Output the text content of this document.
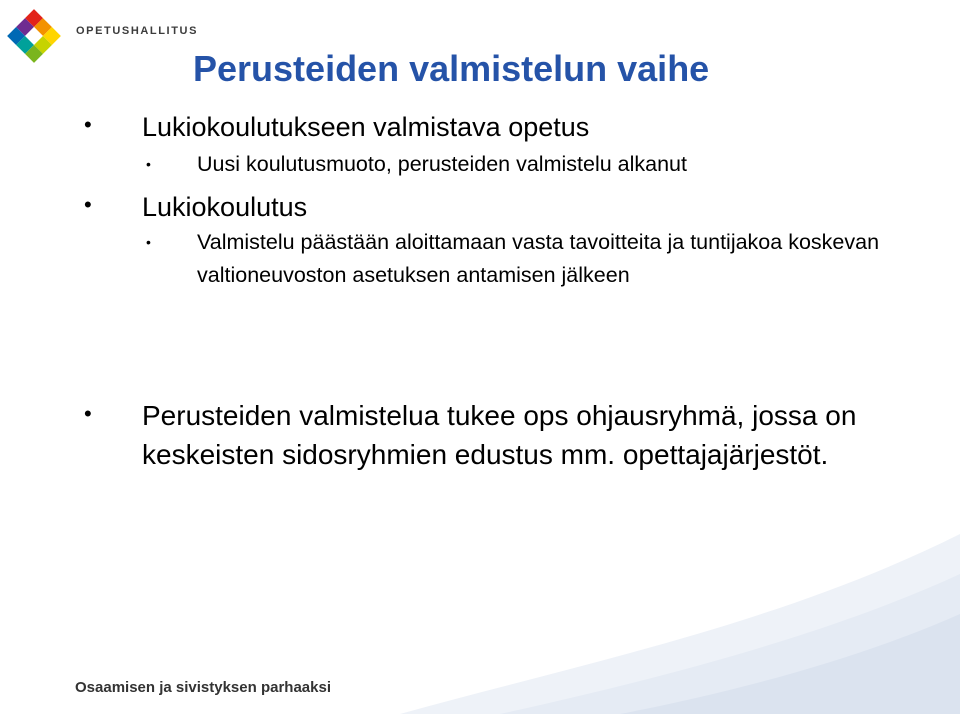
OPETUSHALLITUS
Perusteiden valmistelun vaihe
• Lukiokoulutukseen valmistava opetus
• Uusi koulutusmuoto, perusteiden valmistelu alkanut
• Lukiokoulutus
• Valmistelu päästään aloittamaan vasta tavoitteita ja tuntijakoa koskevan valtioneuvoston asetuksen antamisen jälkeen
• Perusteiden valmistelua tukee ops ohjausryhmä, jossa on keskeisten sidosryhmien edustus mm. opettajajärjestöt.
Osaamisen ja sivistyksen parhaaksi
